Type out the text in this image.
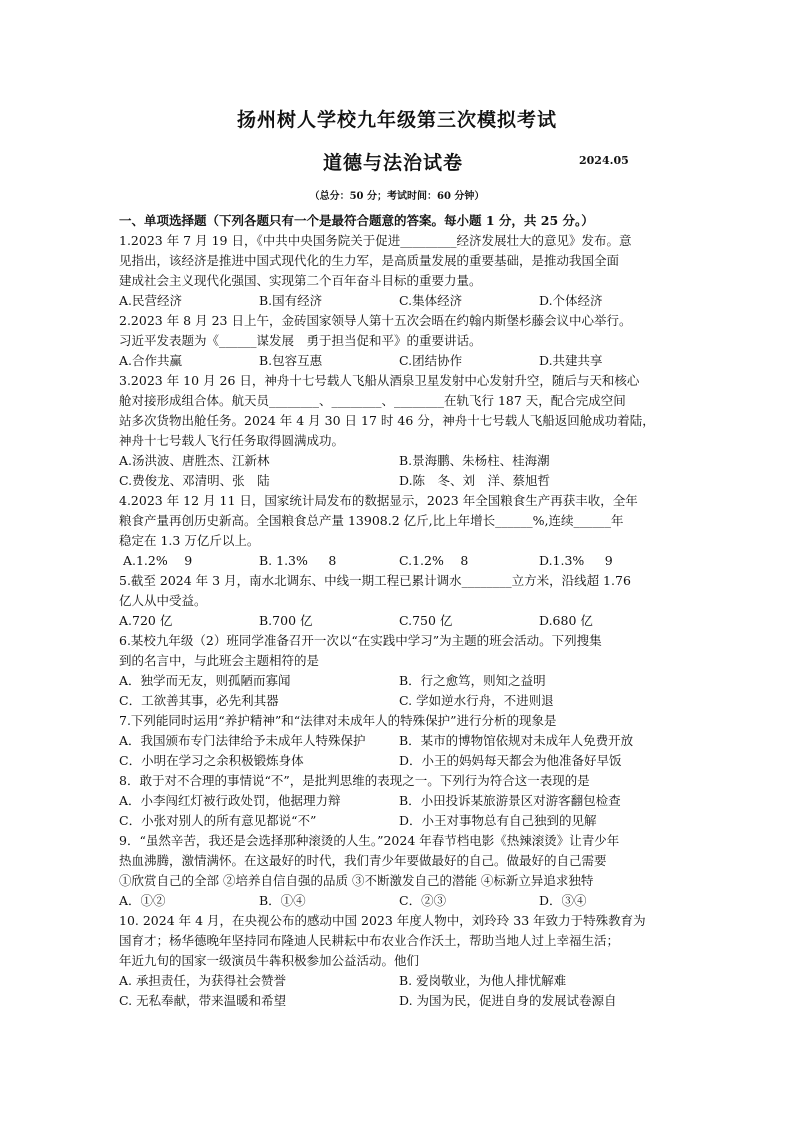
扬州树人学校九年级第三次模拟考试
道德与法治试卷	2024.05
（总分：50 分；考试时间：60 分钟）
一、单项选择题（下列各题只有一个是最符合题意的答案。每小题 1 分，共 25 分。）
1.2023 年 7 月 19 日，《中共中央国务院关于促进_________经济发展壮大的意见》发布。意
见指出，该经济是推进中国式现代化的生力军，是高质量发展的重要基础，是推动我国全面
建成社会主义现代化强国、实现第二个百年奋斗目标的重要力量。
A.民营经济	B.国有经济	C.集体经济	D.个体经济
2.2023 年 8 月 23 日上午，金砖国家领导人第十五次会晤在约翰内斯堡杉藤会议中心举行。
习近平发表题为《______谋发展　勇于担当促和平》的重要讲话。
A.合作共赢	B.包容互惠	C.团结协作	D.共建共享
3.2023 年 10 月 26 日，神舟十七号载人飞船从酒泉卫星发射中心发射升空，随后与天和核心
舱对接形成组合体。航天员________、________、________在轨飞行 187 天，配合完成空间
站多次货物出舱任务。2024 年 4 月 30 日 17 时 46 分，神舟十七号载人飞船返回舱成功着陆，
神舟十七号载人飞行任务取得圆满成功。
A.汤洪波、唐胜杰、江新林	B.景海鹏、朱杨柱、桂海潮
C.费俊龙、邓清明、张　陆	D.陈　冬、刘　洋、蔡旭哲
4.2023 年 12 月 11 日，国家统计局发布的数据显示，2023 年全国粮食生产再获丰收，全年
粮食产量再创历史新高。全国粮食总产量 13908.2 亿斤,比上年增长______%,连续______年
稳定在 1.3 万亿斤以上。
A.1.2%　 9	B. 1.3%　  8	C.1.2%　 8	D.1.3%　  9
5.截至 2024 年 3 月，南水北调东、中线一期工程已累计调水________立方米，沿线超 1.76
亿人从中受益。
A.720 亿	B.700 亿	C.750 亿	D.680 亿
6.某校九年级（2）班同学准备召开一次以“在实践中学习”为主题的班会活动。下列搜集
到的名言中，与此班会主题相符的是
A．独学而无友，则孤陋而寡闻	B．行之愈笃，则知之益明
C．工欲善其事，必先利其器	C. 学如逆水行舟，不进则退
7.下列能同时运用“养护精神”和“法律对未成年人的特殊保护”进行分析的现象是
A．我国颁布专门法律给予未成年人特殊保护	B．某市的博物馆依规对未成年人免费开放
C．小明在学习之余积极锻炼身体	D．小王的妈妈每天都会为他准备好早饭
8．敢于对不合理的事情说“不”，是批判思维的表现之一。下列行为符合这一表现的是
A．小李闯红灯被行政处罚，他据理力辩	B．小田投诉某旅游景区对游客翻包检查
C．小张对别人的所有意见都说“不”	D．小王对事物总有自己独到的见解
9．“虽然辛苦，我还是会选择那种滚烫的人生。”2024 年春节档电影《热辣滚烫》让青少年
热血沸腾，激情满怀。在这最好的时代，我们青少年要做最好的自己。做最好的自己需要
①欣赏自己的全部 ②培养自信自强的品质 ③不断激发自己的潜能 ④标新立异追求独特
A．①②	B．①④	C．②③	D．③④
10. 2024 年 4 月，在央视公布的感动中国 2023 年度人物中，刘玲玲 33 年致力于特殊教育为
国育才；杨华德晚年坚持同布隆迪人民耕耘中布农业合作沃土，帮助当地人过上幸福生活；
年近九旬的国家一级演员牛犇积极参加公益活动。他们
A. 承担责任，为获得社会赞誉	B. 爱岗敬业，为他人排忧解难
C. 无私奉献，带来温暖和希望	D. 为国为民，促进自身的发展试卷源自
